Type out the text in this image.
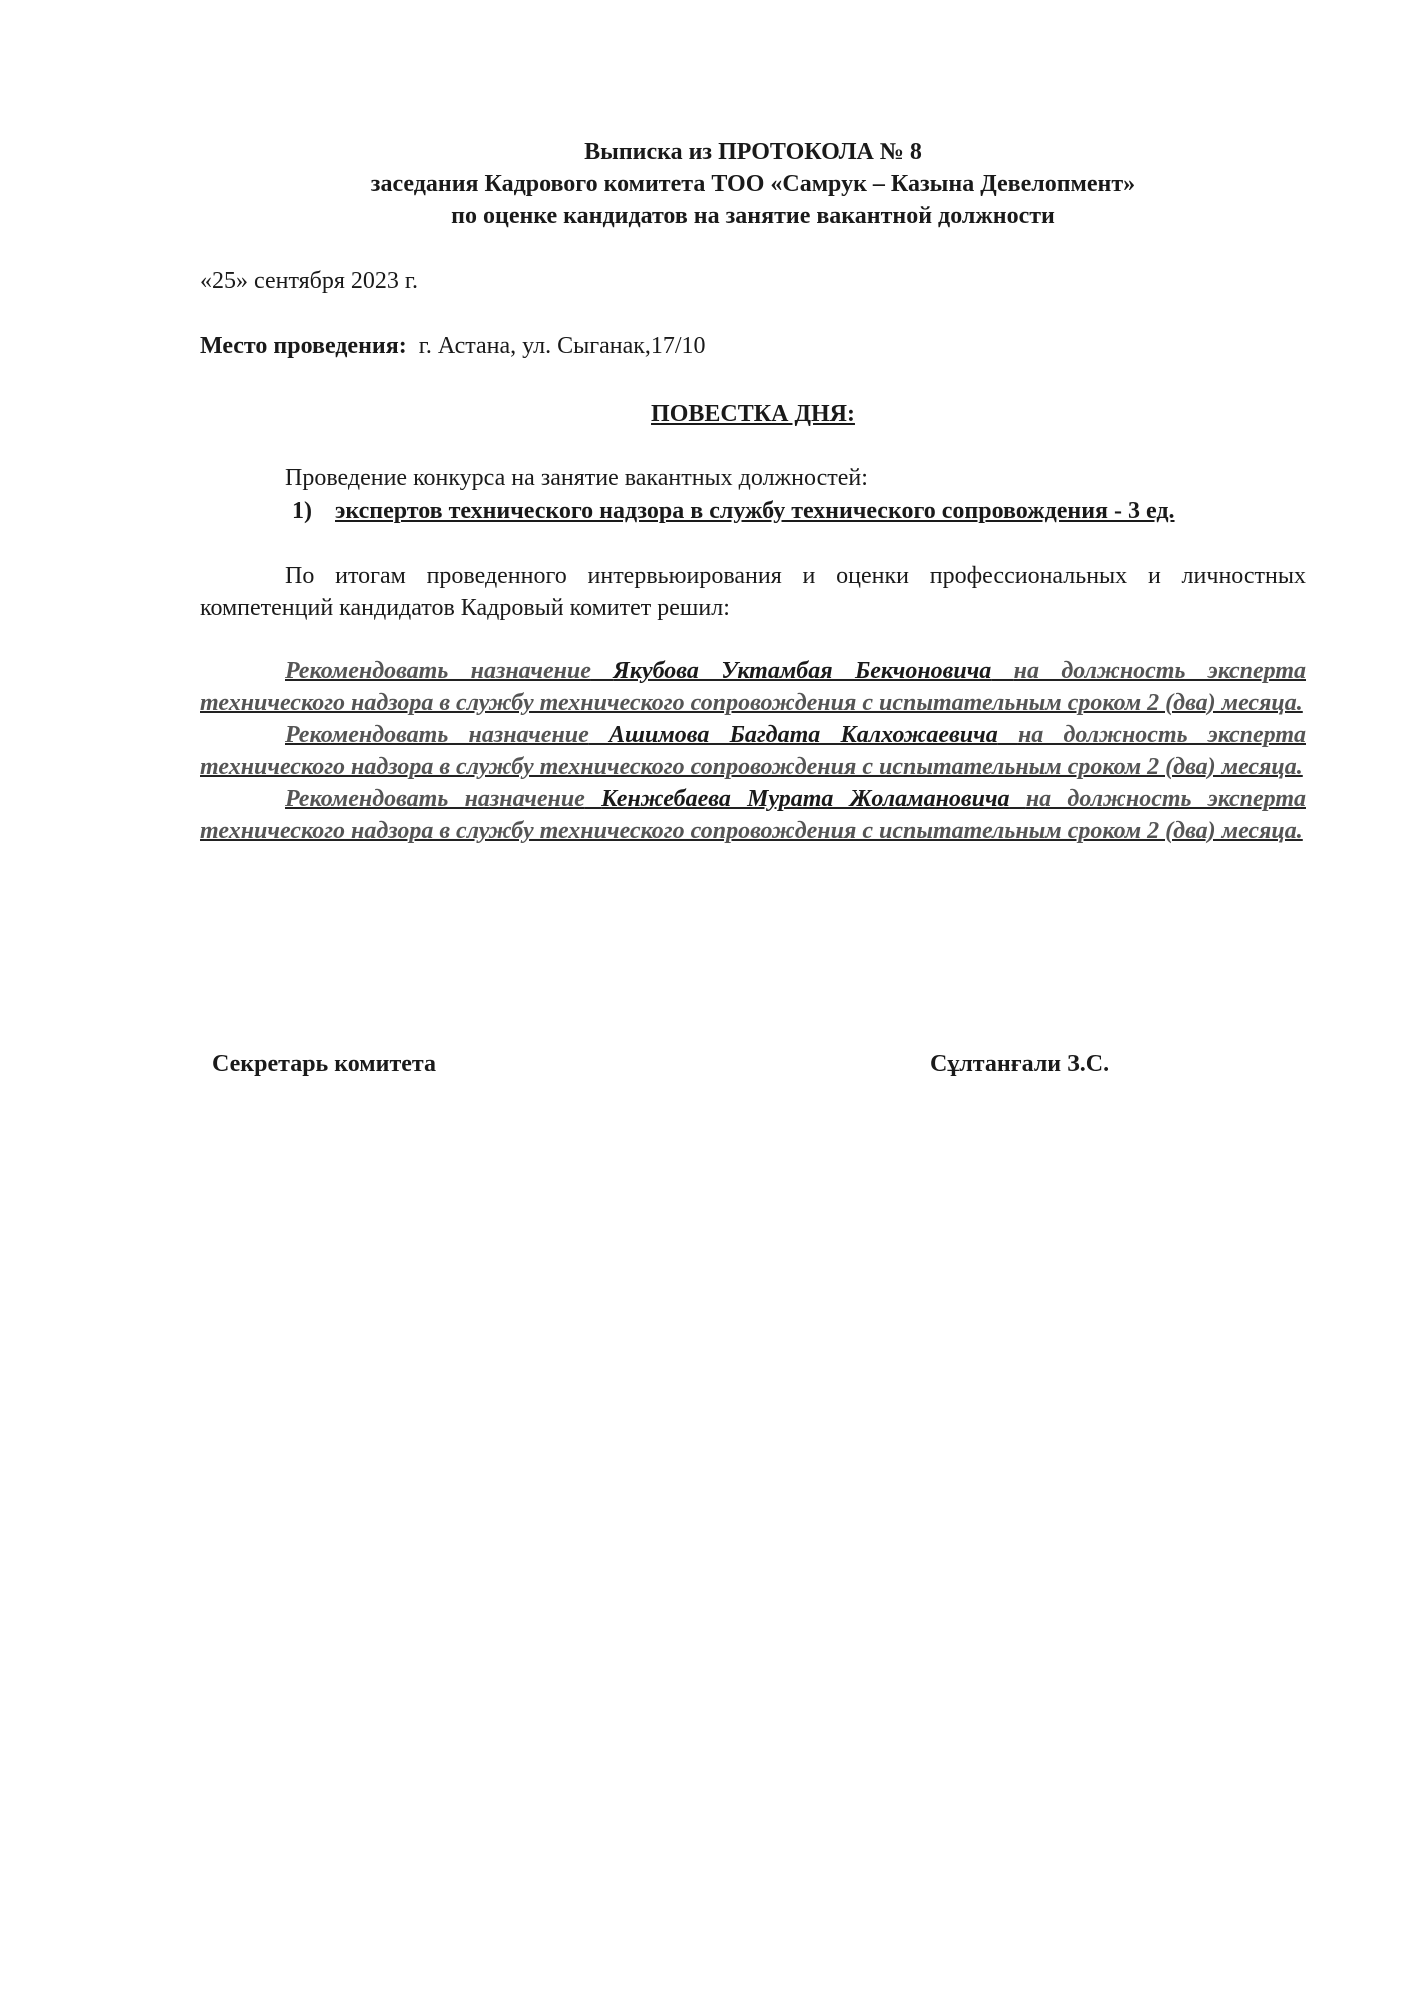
Выписка из ПРОТОКОЛА № 8
заседания Кадрового комитета ТОО «Самрук – Казына Девелопмент»
по оценке кандидатов на занятие вакантной должности
«25» сентября 2023 г.
Место проведения: г. Астана, ул. Сыганак,17/10
ПОВЕСТКА ДНЯ:
Проведение конкурса на занятие вакантных должностей:
1) экспертов технического надзора в службу технического сопровождения - 3 ед.
По итогам проведенного интервьюирования и оценки профессиональных и личностных компетенций кандидатов Кадровый комитет решил:

Рекомендовать назначение Якубова Уктамбая Бекчоновича на должность эксперта технического надзора в службу технического сопровождения с испытательным сроком 2 (два) месяца.

Рекомендовать назначение Ашимова Багдата Калхожаевича на должность эксперта технического надзора в службу технического сопровождения с испытательным сроком 2 (два) месяца.

Рекомендовать назначение Кенжебаева Мурата Жоламановича на должность эксперта технического надзора в службу технического сопровождения с испытательным сроком 2 (два) месяца.

Секретарь комитета	Сұлтанғали З.С.
